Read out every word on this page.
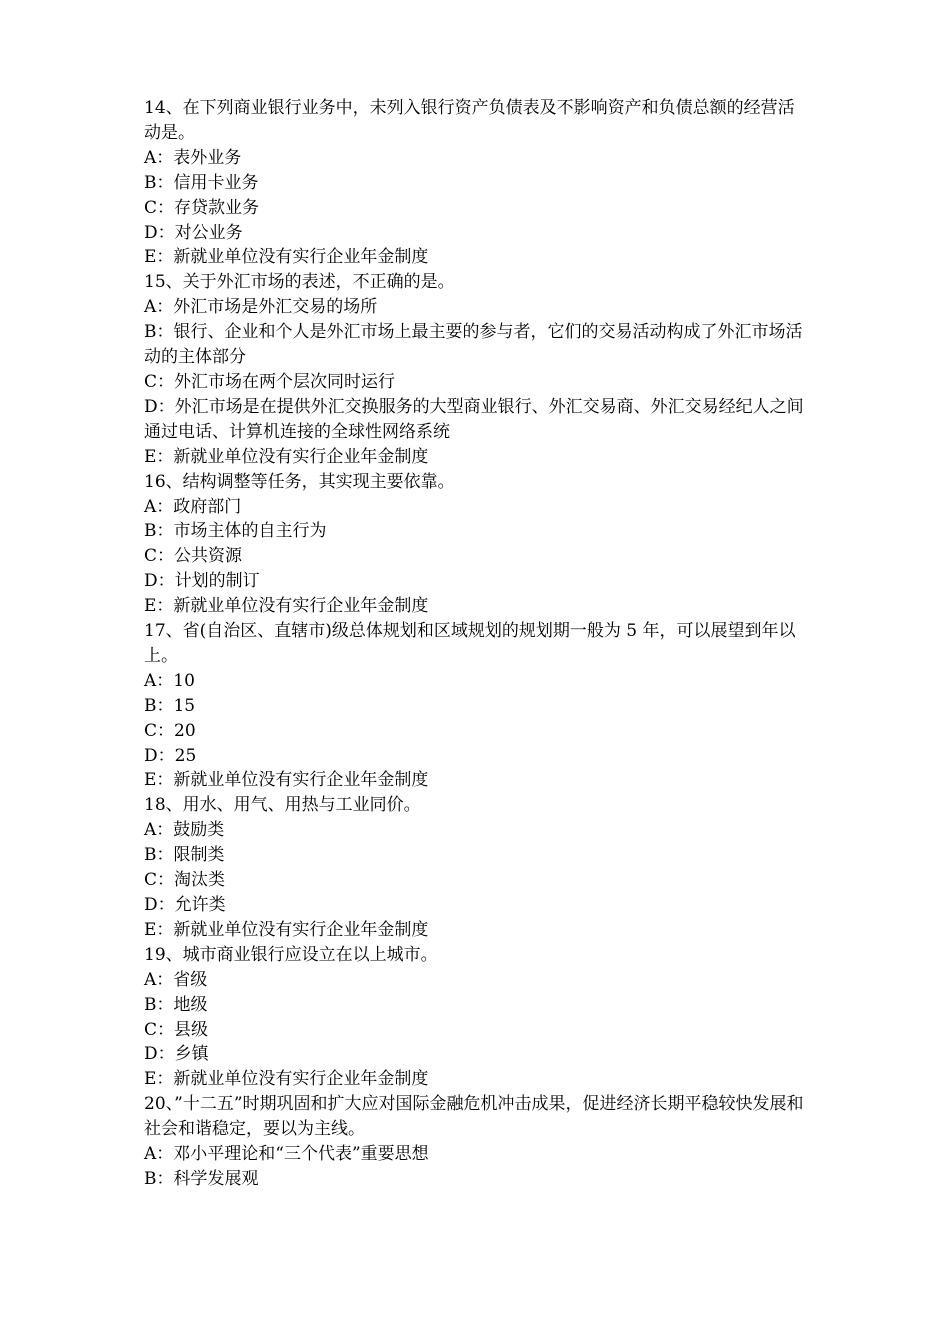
14、在下列商业银行业务中，未列入银行资产负债表及不影响资产和负债总额的经营活动是。

A：表外业务

B：信用卡业务

C：存贷款业务

D：对公业务

E：新就业单位没有实行企业年金制度

15、关于外汇市场的表述，不正确的是。

A：外汇市场是外汇交易的场所

B：银行、企业和个人是外汇市场上最主要的参与者，它们的交易活动构成了外汇市场活动的主体部分

C：外汇市场在两个层次同时运行

D：外汇市场是在提供外汇交换服务的大型商业银行、外汇交易商、外汇交易经纪人之间通过电话、计算机连接的全球性网络系统

E：新就业单位没有实行企业年金制度

16、结构调整等任务，其实现主要依靠。

A：政府部门

B：市场主体的自主行为

C：公共资源

D：计划的制订

E：新就业单位没有实行企业年金制度

17、省(自治区、直辖市)级总体规划和区域规划的规划期一般为 5 年，可以展望到年以上。

A：10

B：15

C：20

D：25

E：新就业单位没有实行企业年金制度

18、用水、用气、用热与工业同价。

A：鼓励类

B：限制类

C：淘汰类

D：允许类

E：新就业单位没有实行企业年金制度

19、城市商业银行应设立在以上城市。

A：省级

B：地级

C：县级

D：乡镇

E：新就业单位没有实行企业年金制度

20、”十二五”时期巩固和扩大应对国际金融危机冲击成果，促进经济长期平稳较快发展和社会和谐稳定，要以为主线。

A：邓小平理论和“三个代表”重要思想

B：科学发展观
